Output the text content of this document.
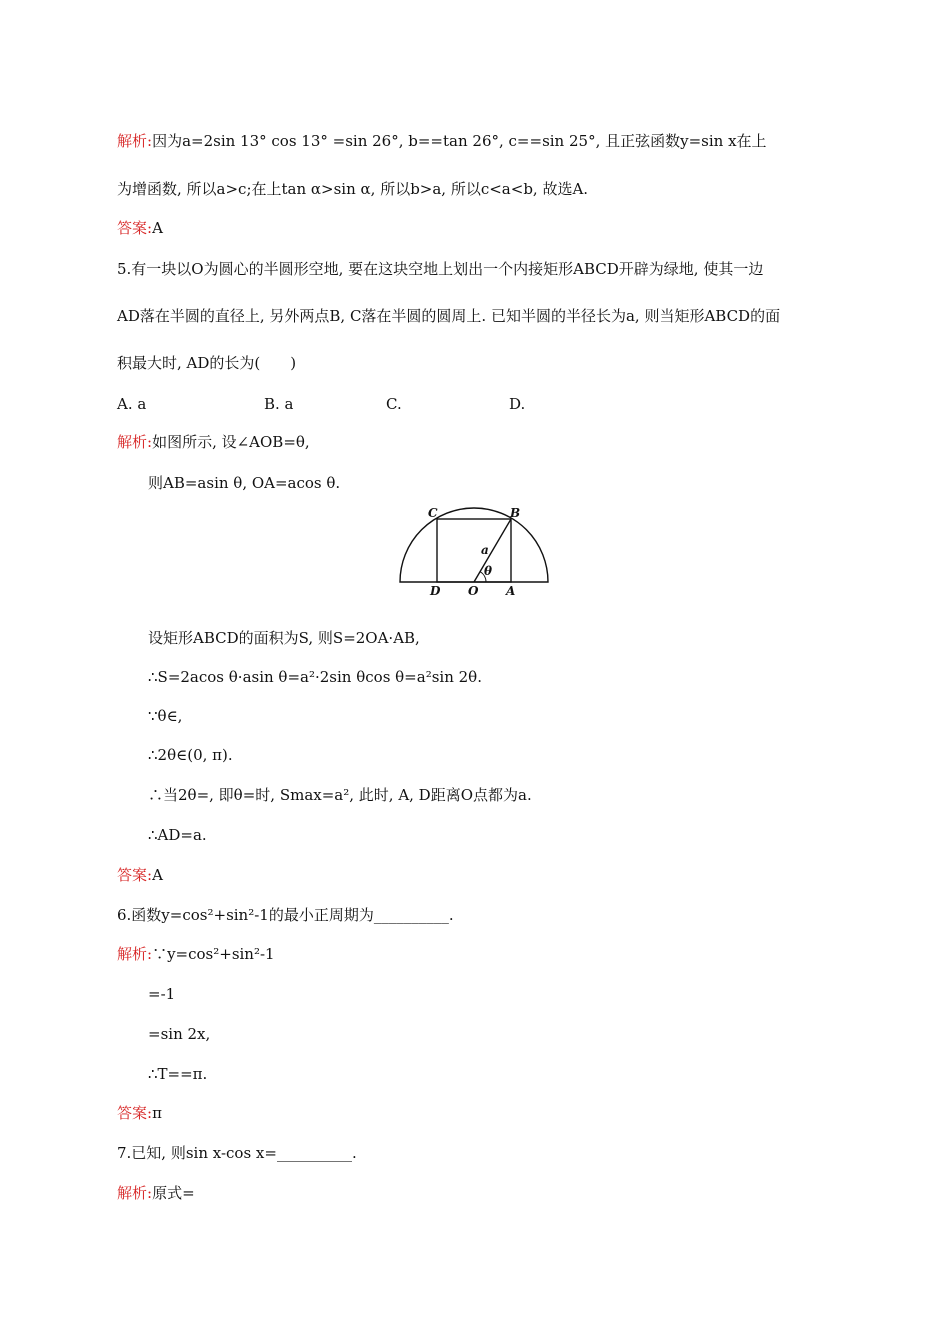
解析:因为a=2sin 13° cos 13° =sin 26°, b==tan 26°, c==sin 25°, 且正弦函数y=sin x在上
为增函数, 所以a>c;在上tan α>sin α, 所以b>a, 所以c<a<b, 故选A.
答案:A
5.有一块以O为圆心的半圆形空地, 要在这块空地上划出一个内接矩形ABCD开辟为绿地, 使其一边
AD落在半圆的直径上, 另外两点B, C落在半圆的圆周上. 已知半圆的半径长为a, 则当矩形ABCD的面
积最大时, AD的长为(　　)
A. a	B. a	C.	D.
解析:如图所示, 设∠AOB=θ,
则AB=asin θ, OA=acos θ.
C	B
D O A
a
θ
设矩形ABCD的面积为S, 则S=2OA·AB,
∴S=2acos θ·asin θ=a²·2sin θcos θ=a²sin 2θ.
∵θ∈,
∴2θ∈(0, π).
∴当2θ=, 即θ=时, Smax=a², 此时, A, D距离O点都为a.
∴AD=a.
答案:A
6.函数y=cos²+sin²-1的最小正周期为__________.
解析:∵y=cos²+sin²-1
=-1
=sin 2x,
∴T==π.
答案:π
7.已知, 则sin x-cos x=__________.
解析:原式=
